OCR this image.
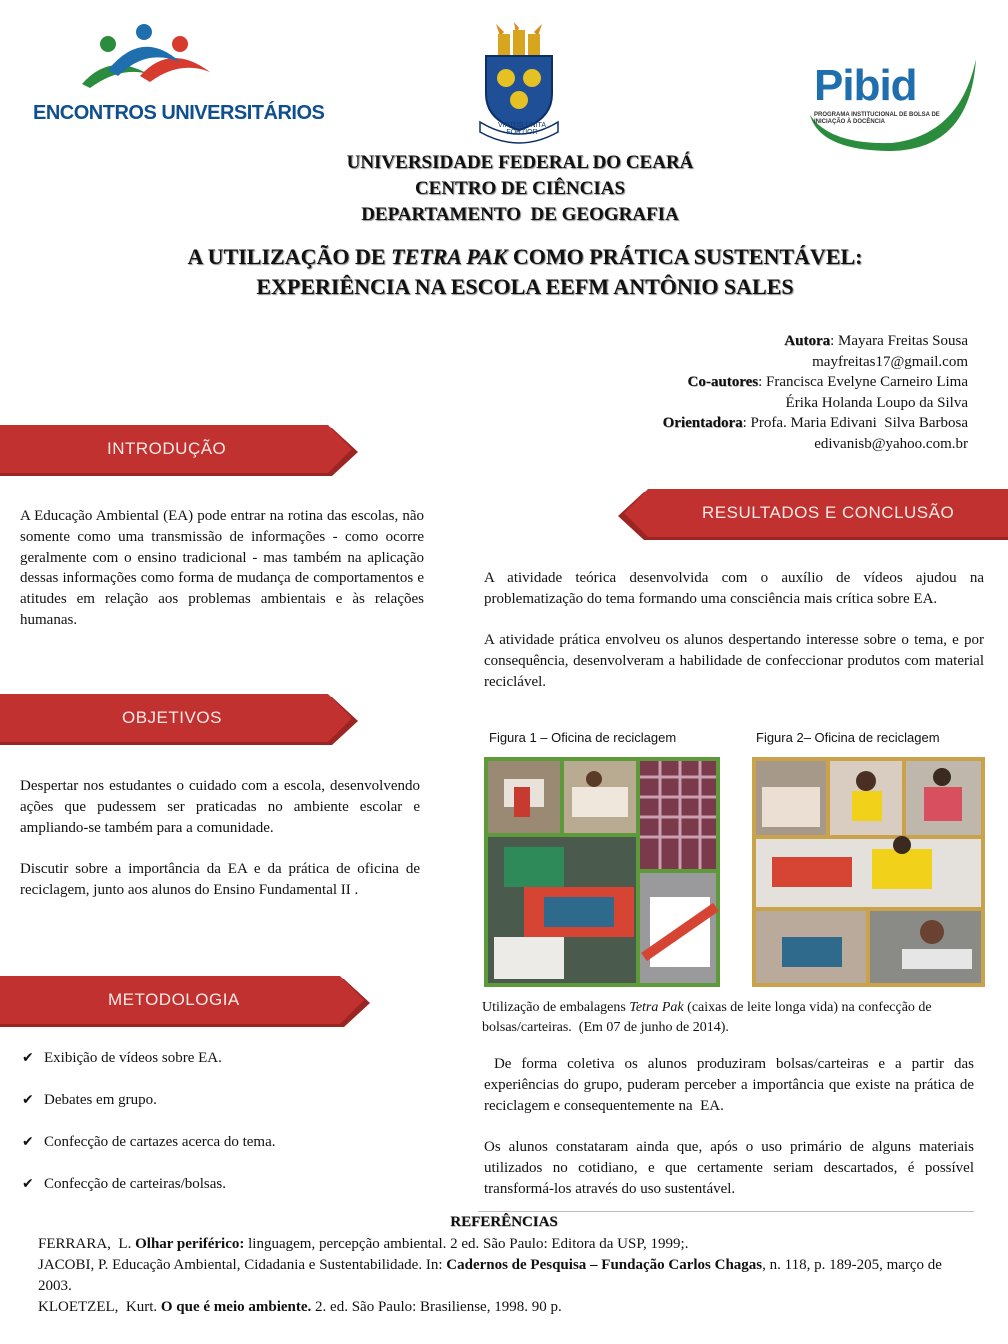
ENCONTROS UNIVERSITÁRIOS
VIRTUS UNITA FORTIOR
Pibid
PROGRAMA INSTITUCIONAL DE BOLSA DE INICIAÇÃO À DOCÊNCIA
UNIVERSIDADE FEDERAL DO CEARÁ
CENTRO DE CIÊNCIAS
DEPARTAMENTO  DE GEOGRAFIA
A UTILIZAÇÃO DE TETRA PAK COMO PRÁTICA SUSTENTÁVEL:
EXPERIÊNCIA NA ESCOLA EEFM ANTÔNIO SALES
Autora: Mayara Freitas Sousa
mayfreitas17@gmail.com
Co-autores: Francisca Evelyne Carneiro Lima
Érika Holanda Loupo da Silva
Orientadora: Profa. Maria Edivani  Silva Barbosa
edivanisb@yahoo.com.br
INTRODUÇÃO
A Educação Ambiental (EA) pode entrar na rotina das escolas, não somente como uma transmissão de informações - como ocorre geralmente com o ensino tradicional - mas também na aplicação dessas informações como forma de mudança de comportamentos e atitudes em relação aos problemas ambientais e às relações humanas.
OBJETIVOS

Despertar nos estudantes o cuidado com a escola, desenvolvendo ações que pudessem ser praticadas no ambiente escolar e ampliando-se também para a comunidade.

Discutir sobre a importância da EA e da prática de oficina de reciclagem, junto aos alunos do Ensino Fundamental II .

METODOLOGIA
✔ Exibição de vídeos sobre EA.
✔ Debates em grupo.
✔ Confecção de cartazes acerca do tema.
✔ Confecção de carteiras/bolsas.
RESULTADOS E CONCLUSÃO

A atividade teórica desenvolvida com o auxílio de vídeos ajudou na problematização do tema formando uma consciência mais crítica sobre EA.

A atividade prática envolveu os alunos despertando interesse sobre o tema, e por consequência, desenvolveram a habilidade de confeccionar produtos com material reciclável.

Figura 1 – Oficina de reciclagem	Figura 2– Oficina de reciclagem
Utilização de embalagens Tetra Pak (caixas de leite longa vida) na confecção de bolsas/carteiras.  (Em 07 de junho de 2014).

De forma coletiva os alunos produziram bolsas/carteiras e a partir das experiências do grupo, puderam perceber a importância que existe na prática de reciclagem e consequentemente na  EA.

Os alunos constataram ainda que, após o uso primário de alguns materiais utilizados no cotidiano, e que certamente seriam descartados, é possível transformá-los através do uso sustentável.

REFERÊNCIAS
FERRARA,  L. Olhar periférico: linguagem, percepção ambiental. 2 ed. São Paulo: Editora da USP, 1999;.
JACOBI, P. Educação Ambiental, Cidadania e Sustentabilidade. In: Cadernos de Pesquisa – Fundação Carlos Chagas, n. 118, p. 189-205, março de 2003.
KLOETZEL,  Kurt. O que é meio ambiente. 2. ed. São Paulo: Brasiliense, 1998. 90 p.
